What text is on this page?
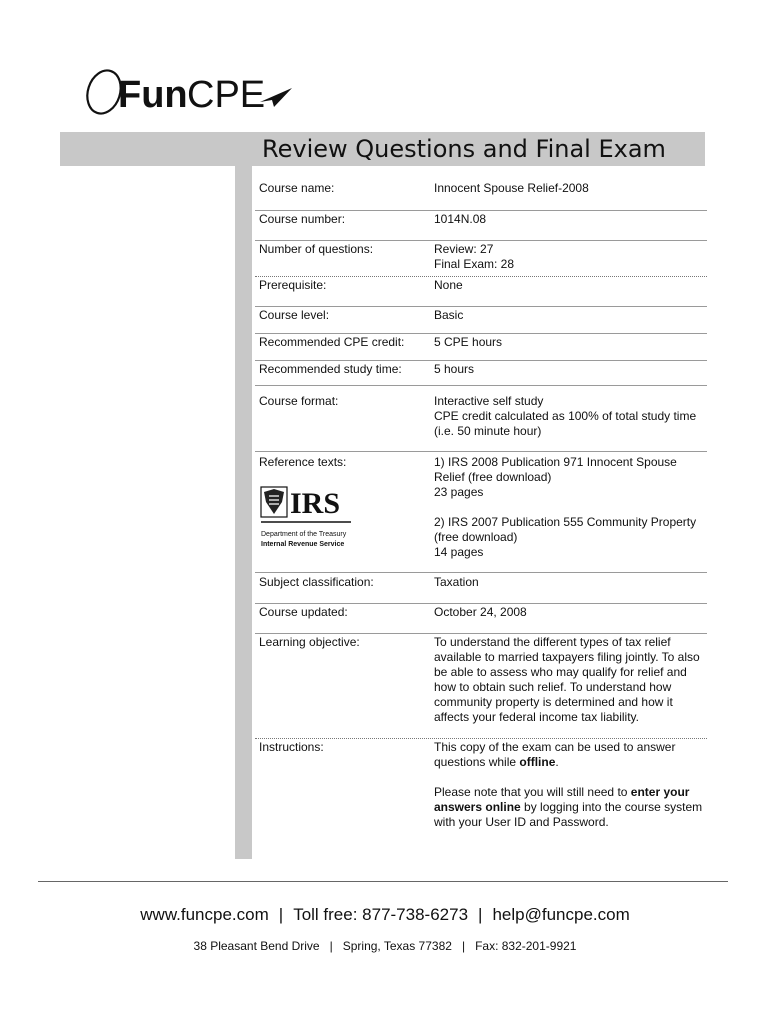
Fun CPE
Review Questions and Final Exam
Course name:	Innocent Spouse Relief-2008
Course number:	1014N.08
Number of questions:	Review: 27

Final Exam: 28

Prerequisite:	None
Course level:	Basic
Recommended CPE credit: 5 CPE hours
Recommended study time:	5 hours
Course format:	Interactive self study

CPE credit calculated as 100% of total study time (i.e. 50 minute hour)

Reference texts:	1) IRS 2008 Publication 971 Innocent Spouse Relief (free download)

23 pages

2) IRS 2007 Publication 555 Community Property (free download)

14 pages

IRS
Department of the Treasury
Internal Revenue Service
Subject classification:	Taxation
Course updated:	October 24, 2008
Learning objective:	To understand the different types of tax relief available to married taxpayers filing jointly. To also be able to assess who may qualify for relief and how to obtain such relief. To understand how community property is determined and how it affects your federal income tax liability.
Instructions:	This copy of the exam can be used to answer questions while offline.

Please note that you will still need to enter your answers online by logging into the course system with your User ID and Password.

www.funcpe.com | Toll free: 877-738-6273 | help@funcpe.com
38 Pleasant Bend Drive | Spring, Texas 77382 | Fax: 832-201-9921
